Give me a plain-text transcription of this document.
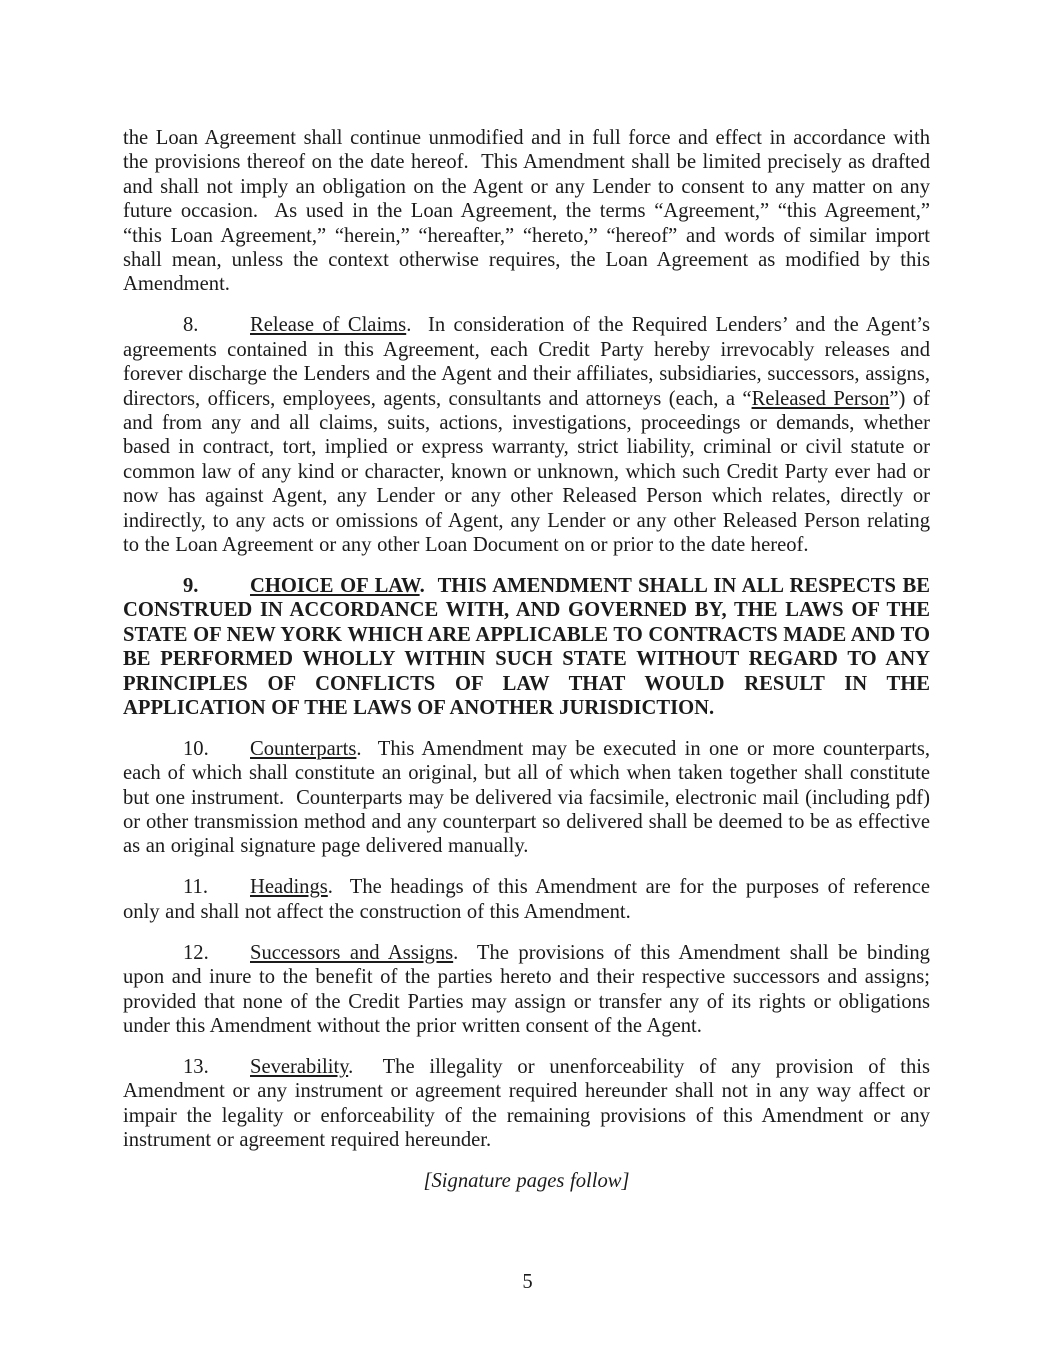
the Loan Agreement shall continue unmodified and in full force and effect in accordance with the provisions thereof on the date hereof.  This Amendment shall be limited precisely as drafted and shall not imply an obligation on the Agent or any Lender to consent to any matter on any future occasion.  As used in the Loan Agreement, the terms “Agreement,” “this Agreement,” “this Loan Agreement,” “herein,” “hereafter,” “hereto,” “hereof” and words of similar import shall mean, unless the context otherwise requires, the Loan Agreement as modified by this Amendment.

8.	Release of Claims.  In consideration of the Required Lenders’ and the Agent’s agreements contained in this Agreement, each Credit Party hereby irrevocably releases and forever discharge the Lenders and the Agent and their affiliates, subsidiaries, successors, assigns, directors, officers, employees, agents, consultants and attorneys (each, a “Released Person”) of and from any and all claims, suits, actions, investigations, proceedings or demands, whether based in contract, tort, implied or express warranty, strict liability, criminal or civil statute or common law of any kind or character, known or unknown, which such Credit Party ever had or now has against Agent, any Lender or any other Released Person which relates, directly or indirectly, to any acts or omissions of Agent, any Lender or any other Released Person relating to the Loan Agreement or any other Loan Document on or prior to the date hereof.

9.	CHOICE OF LAW.  THIS AMENDMENT SHALL IN ALL RESPECTS BE CONSTRUED IN ACCORDANCE WITH, AND GOVERNED BY, THE LAWS OF THE STATE OF NEW YORK WHICH ARE APPLICABLE TO CONTRACTS MADE AND TO BE PERFORMED WHOLLY WITHIN SUCH STATE WITHOUT REGARD TO ANY PRINCIPLES OF CONFLICTS OF LAW THAT WOULD RESULT IN THE APPLICATION OF THE LAWS OF ANOTHER JURISDICTION.

10. Counterparts.  This Amendment may be executed in one or more counterparts, each of which shall constitute an original, but all of which when taken together shall constitute but one instrument.  Counterparts may be delivered via facsimile, electronic mail (including pdf) or other transmission method and any counterpart so delivered shall be deemed to be as effective as an original signature page delivered manually.

11. Headings.  The headings of this Amendment are for the purposes of reference only and shall not affect the construction of this Amendment.

12. Successors and Assigns.  The provisions of this Amendment shall be binding upon and inure to the benefit of the parties hereto and their respective successors and assigns; provided that none of the Credit Parties may assign or transfer any of its rights or obligations under this Amendment without the prior written consent of the Agent.

13. Severability.  The illegality or unenforceability of any provision of this Amendment or any instrument or agreement required hereunder shall not in any way affect or impair the legality or enforceability of the remaining provisions of this Amendment or any instrument or agreement required hereunder.

[Signature pages follow]

5
